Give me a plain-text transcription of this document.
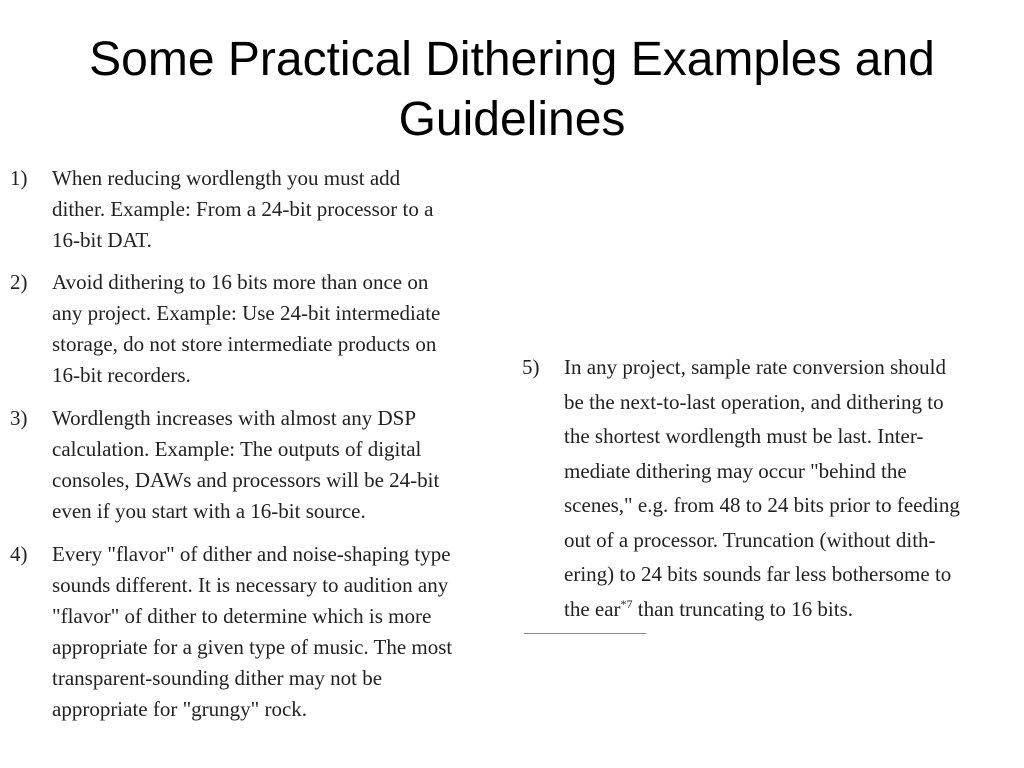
Some Practical Dithering Examples and Guidelines
1) When reducing wordlength you must add
dither. Example: From a 24-bit processor to a
16-bit DAT.
2) Avoid dithering to 16 bits more than once on
any project. Example: Use 24-bit intermediate
storage, do not store intermediate products on
16-bit recorders.
3) Wordlength increases with almost any DSP
calculation. Example: The outputs of digital
consoles, DAWs and processors will be 24-bit
even if you start with a 16-bit source.
4) Every "flavor" of dither and noise-shaping type
sounds different. It is necessary to audition any
"flavor" of dither to determine which is more
appropriate for a given type of music. The most
transparent-sounding dither may not be
appropriate for "grungy" rock.
5) In any project, sample rate conversion should
be the next-to-last operation, and dithering to
the shortest wordlength must be last. Inter-
mediate dithering may occur "behind the
scenes," e.g. from 48 to 24 bits prior to feeding
out of a processor. Truncation (without dith-
ering) to 24 bits sounds far less bothersome to
the ear$^{*7}$ than truncating to 16 bits.
